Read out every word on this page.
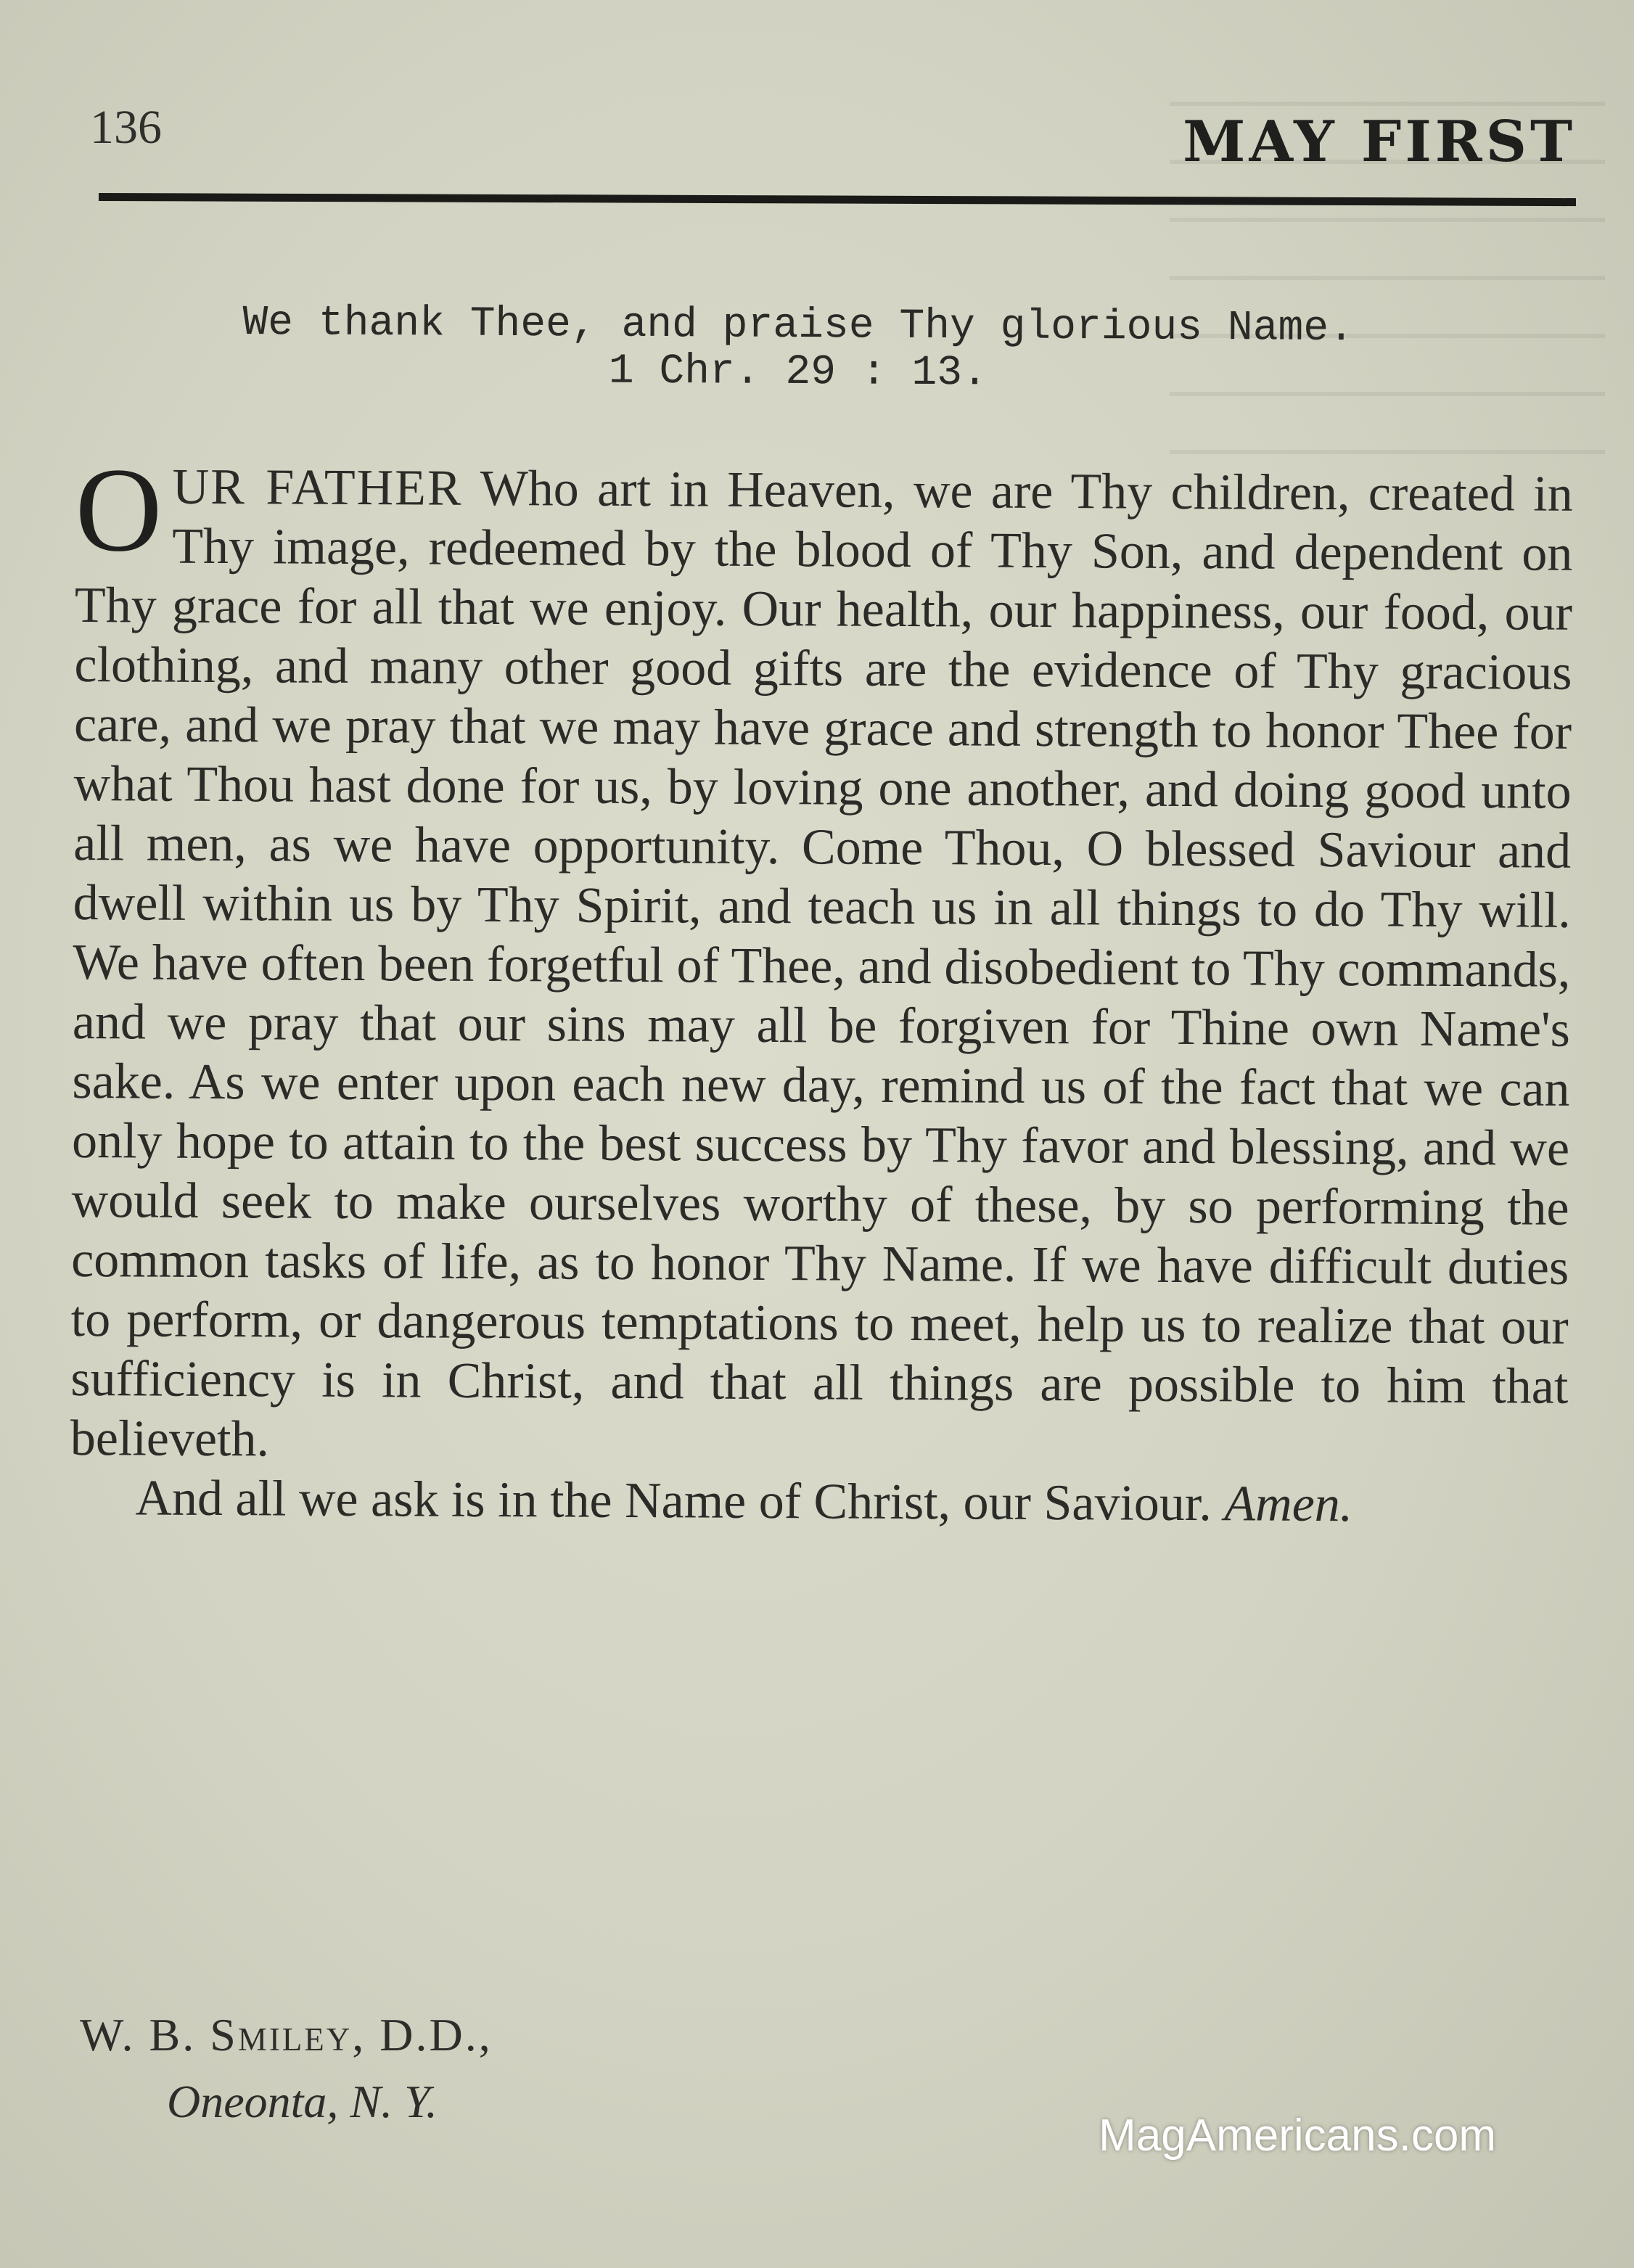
136	MAY FIRST
We thank Thee, and praise Thy glorious Name.
1 Chr. 29 : 13.

OUR FATHER Who art in Heaven, we are Thy children, created in Thy image, redeemed by the blood of Thy Son, and dependent on Thy grace for all that we enjoy. Our health, our happiness, our food, our clothing, and many other good gifts are the evidence of Thy gracious care, and we pray that we may have grace and strength to honor Thee for what Thou hast done for us, by loving one another, and doing good unto all men, as we have opportunity. Come Thou, O blessed Saviour and dwell within us by Thy Spirit, and teach us in all things to do Thy will. We have often been forgetful of Thee, and disobedient to Thy commands, and we pray that our sins may all be forgiven for Thine own Name's sake. As we enter upon each new day, remind us of the fact that we can only hope to attain to the best success by Thy favor and blessing, and we would seek to make ourselves worthy of these, by so performing the common tasks of life, as to honor Thy Name. If we have difficult duties to perform, or dangerous temptations to meet, help us to realize that our sufficiency is in Christ, and that all things are possible to him that believeth.

And all we ask is in the Name of Christ, our Saviour. Amen.

W. B. Smiley, D.D.,
Oneonta, N. Y.
MagAmericans.com
